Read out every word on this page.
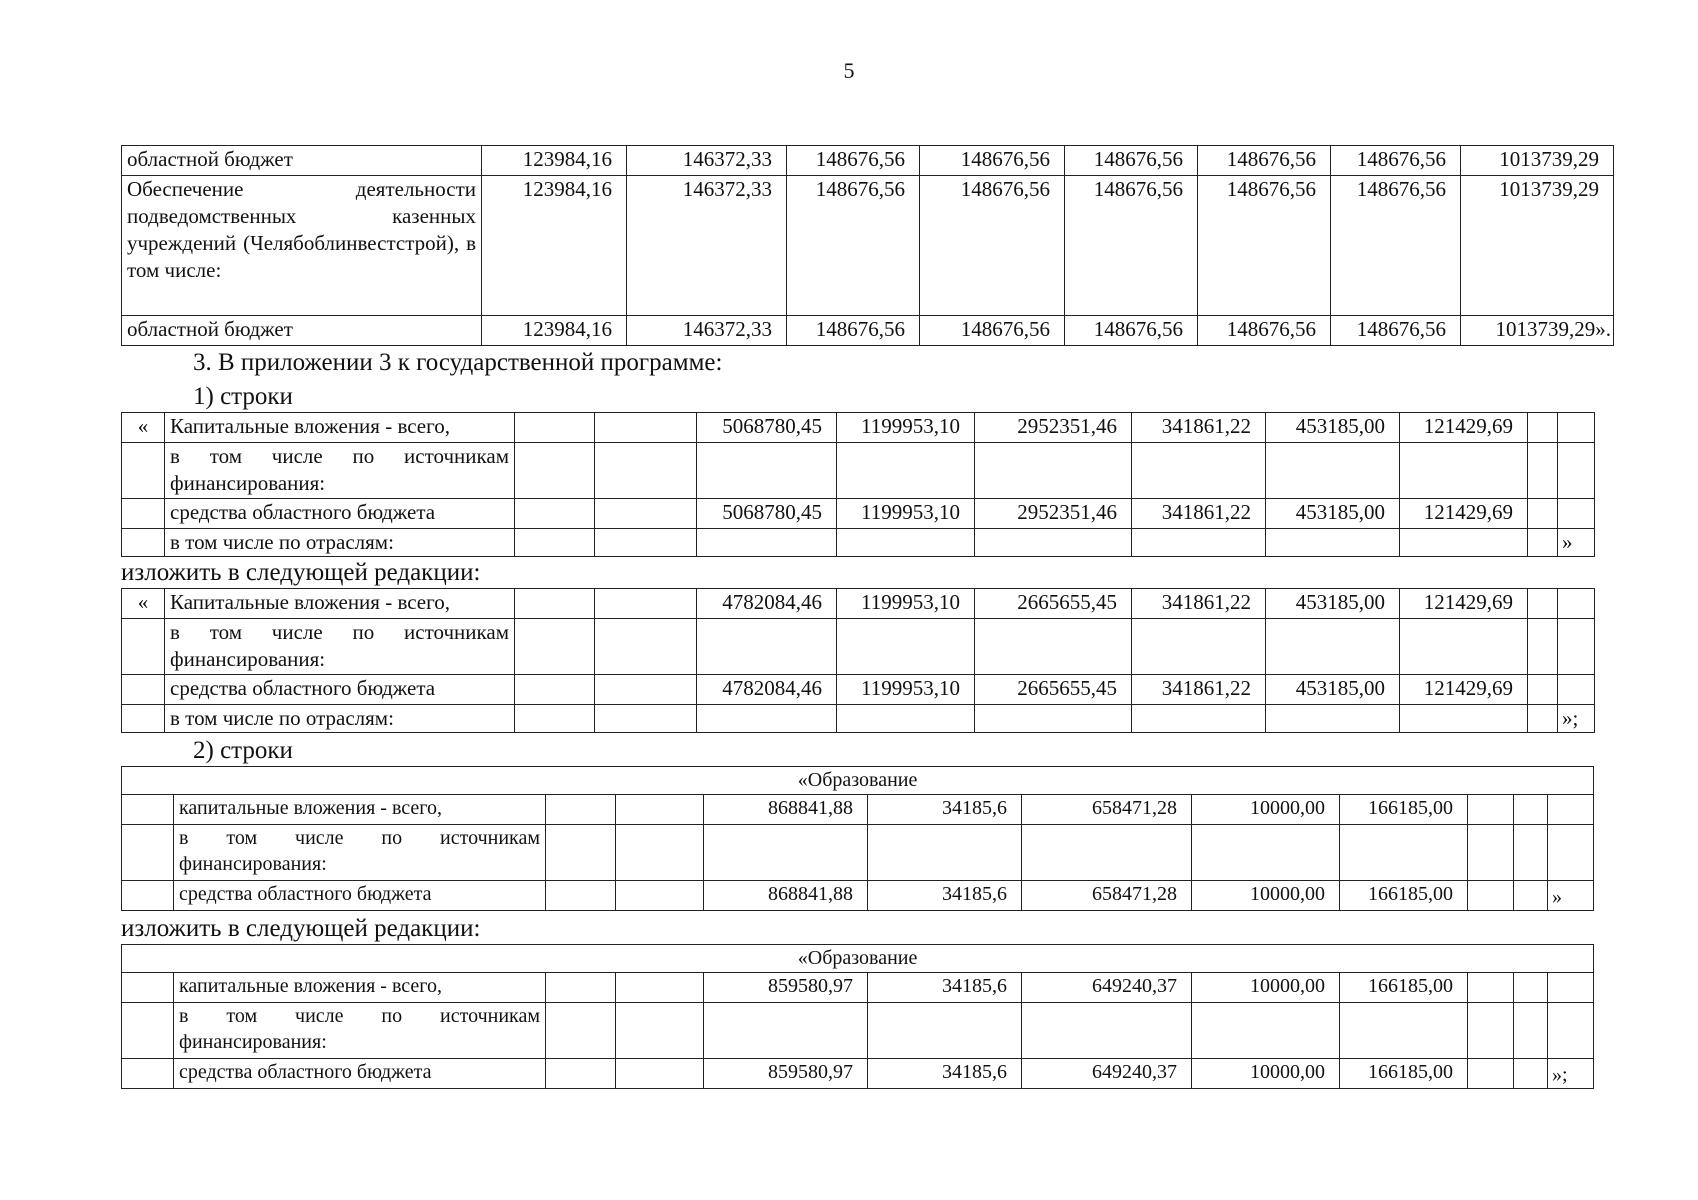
5
областной бюджет	123984,16	146372,33	148676,56	148676,56	148676,56	148676,56	148676,56	1013739,29
Обеспечение деятельности подведомственных казенных учреждений (Челябоблинвестстрой), в том числе:	123984,16	146372,33	148676,56	148676,56	148676,56	148676,56	148676,56	1013739,29
областной бюджет	123984,16	146372,33	148676,56	148676,56	148676,56	148676,56	148676,56	1013739,29».
3. В приложении 3 к государственной программе:
1) строки
«	Капитальные вложения - всего,			5068780,45	1199953,10	2952351,46	341861,22	453185,00	121429,69		
	в том числе по источникам финансирования:										
	средства областного бюджета			5068780,45	1199953,10	2952351,46	341861,22	453185,00	121429,69		
	в том числе по отраслям:										»
изложить в следующей редакции:
«	Капитальные вложения - всего,			4782084,46	1199953,10	2665655,45	341861,22	453185,00	121429,69		
	в том числе по источникам финансирования:										
	средства областного бюджета			4782084,46	1199953,10	2665655,45	341861,22	453185,00	121429,69		
	в том числе по отраслям:										»;
2) строки
«Образование											
	капитальные вложения - всего,			868841,88	34185,6	658471,28	10000,00	166185,00			
	в том числе по источникам финансирования:										
	средства областного бюджета			868841,88	34185,6	658471,28	10000,00	166185,00			»
изложить в следующей редакции:
«Образование											
	капитальные вложения - всего,			859580,97	34185,6	649240,37	10000,00	166185,00			
	в том числе по источникам финансирования:										
	средства областного бюджета			859580,97	34185,6	649240,37	10000,00	166185,00			»;
